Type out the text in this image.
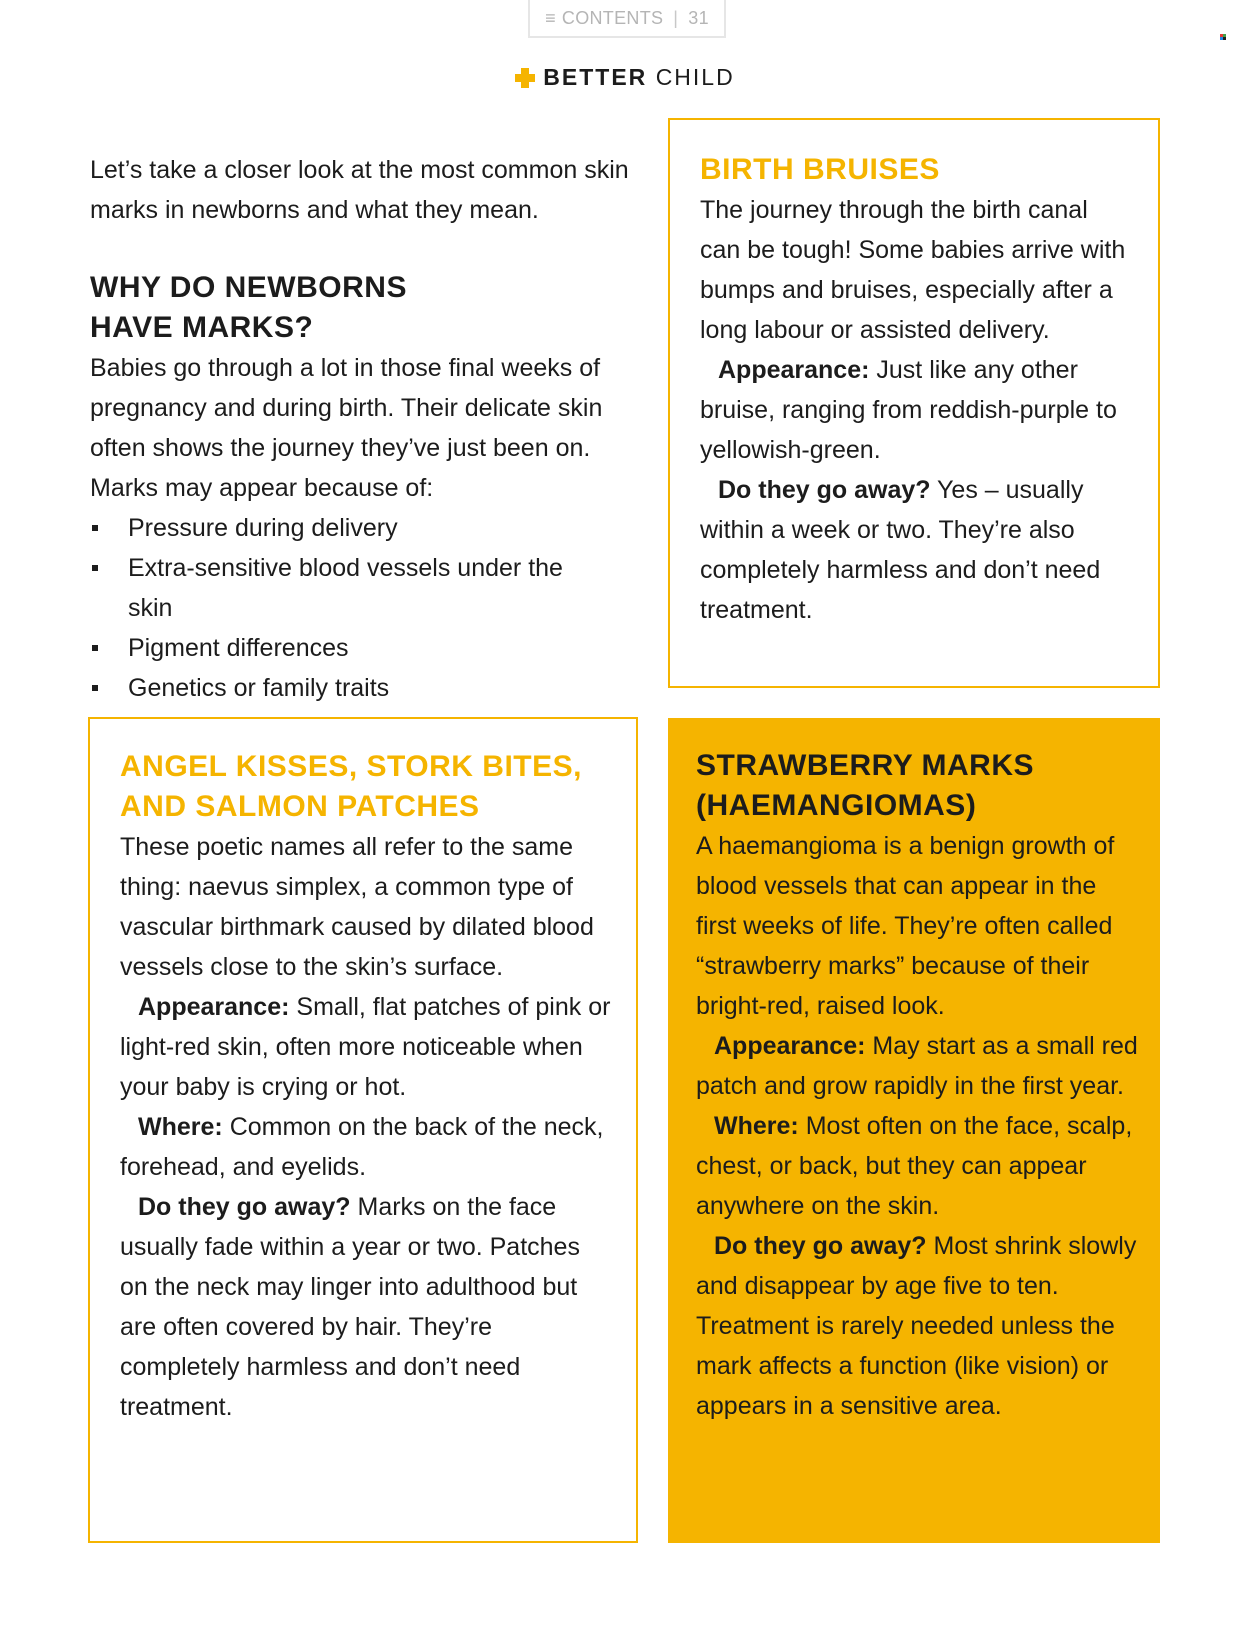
≡ CONTENTS | 31
BETTER CHILD

Let’s take a closer look at the most common skin marks in newborns and what they mean.

WHY DO NEWBORNS HAVE MARKS?

Babies go through a lot in those final weeks of pregnancy and during birth. Their delicate skin often shows the journey they’ve just been on. Marks may appear because of:

Pressure during delivery
Extra-sensitive blood vessels under the skin
Pigment differences
Genetics or family traits
BIRTH BRUISES

The journey through the birth canal can be tough! Some babies arrive with bumps and bruises, especially after a long labour or assisted delivery.

Appearance: Just like any other bruise, ranging from reddish-purple to yellowish-green.

Do they go away? Yes – usually within a week or two. They’re also completely harmless and don’t need treatment.

ANGEL KISSES, STORK BITES,
AND SALMON PATCHES

These poetic names all refer to the same thing: naevus simplex, a common type of vascular birthmark caused by dilated blood vessels close to the skin’s surface.

Appearance: Small, flat patches of pink or light-red skin, often more noticeable when your baby is crying or hot.

Where: Common on the back of the neck, forehead, and eyelids.

Do they go away? Marks on the face usually fade within a year or two. Patches on the neck may linger into adulthood but are often covered by hair. They’re completely harmless and don’t need treatment.

STRAWBERRY MARKS
(HAEMANGIOMAS)

A haemangioma is a benign growth of blood vessels that can appear in the first weeks of life. They’re often called “strawberry marks” because of their bright-red, raised look.

Appearance: May start as a small red patch and grow rapidly in the first year.

Where: Most often on the face, scalp, chest, or back, but they can appear anywhere on the skin.

Do they go away? Most shrink slowly and disappear by age five to ten. Treatment is rarely needed unless the mark affects a function (like vision) or appears in a sensitive area.
